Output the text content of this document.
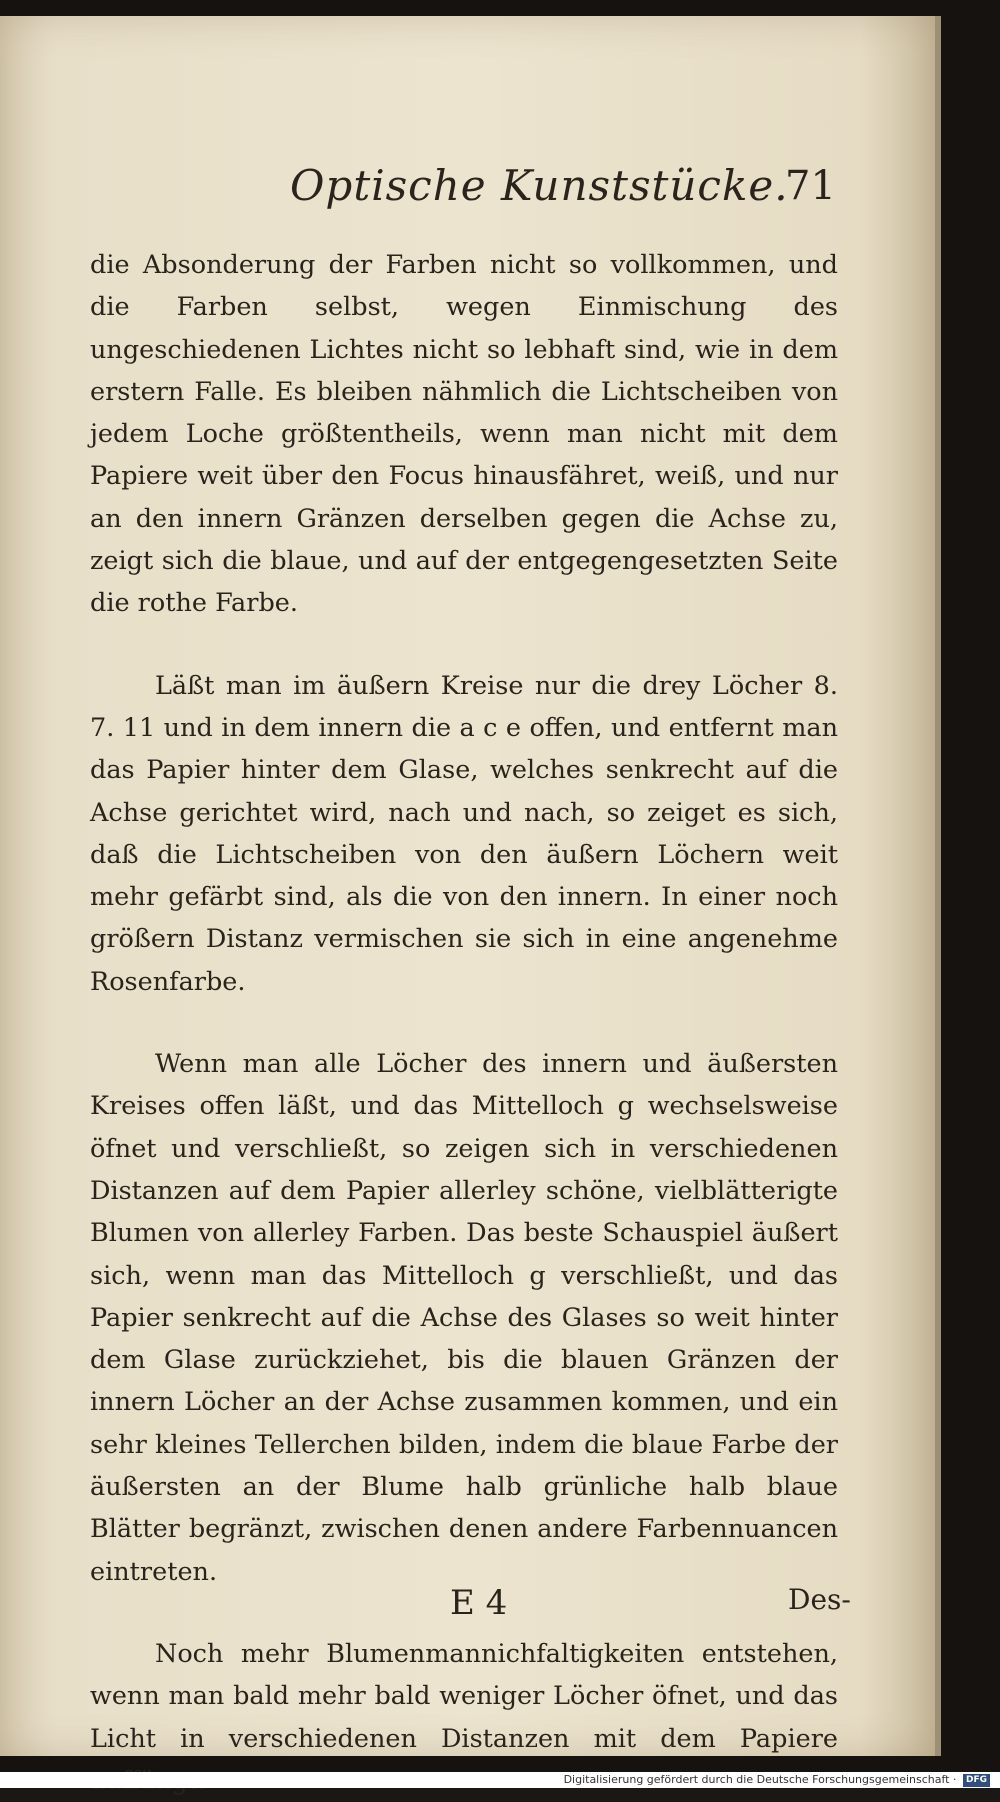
Optische Kunststücke.
71

die Absonderung der Farben nicht so vollkommen, und die Farben selbst, wegen Einmischung des ungeschiedenen Lichtes nicht so lebhaft sind, wie in dem erstern Falle. Es bleiben nähmlich die Lichtscheiben von jedem Loche größtentheils, wenn man nicht mit dem Papiere weit über den Focus hinausfähret, weiß, und nur an den innern Gränzen derselben gegen die Achse zu, zeigt sich die blaue, und auf der entgegengesetzten Seite die rothe Farbe.

Läßt man im äußern Kreise nur die drey Löcher 8. 7. 11 und in dem innern die a c e offen, und entfernt man das Papier hinter dem Glase, welches senkrecht auf die Achse gerichtet wird, nach und nach, so zeiget es sich, daß die Lichtscheiben von den äußern Löchern weit mehr gefärbt sind, als die von den innern. In einer noch größern Distanz vermischen sie sich in eine angenehme Rosenfarbe.

Wenn man alle Löcher des innern und äußersten Kreises offen läßt, und das Mittelloch g wechselsweise öfnet und verschließt, so zeigen sich in verschiedenen Distanzen auf dem Papier allerley schöne, vielblätterigte Blumen von allerley Farben. Das beste Schauspiel äußert sich, wenn man das Mittelloch g verschließt, und das Papier senkrecht auf die Achse des Glases so weit hinter dem Glase zurückziehet, bis die blauen Gränzen der innern Löcher an der Achse zusammen kommen, und ein sehr kleines Tellerchen bilden, indem die blaue Farbe der äußersten an der Blume halb grünliche halb blaue Blätter begränzt, zwischen denen andere Farbennuancen eintreten.

Noch mehr Blumenmannichfaltigkeiten entstehen, wenn man bald mehr bald weniger Löcher öfnet, und das Licht in verschiedenen Distanzen mit dem Papiere

E 4	Des-
Digitalisierung gefördert durch die Deutsche Forschungsgemeinschaft · DFG
